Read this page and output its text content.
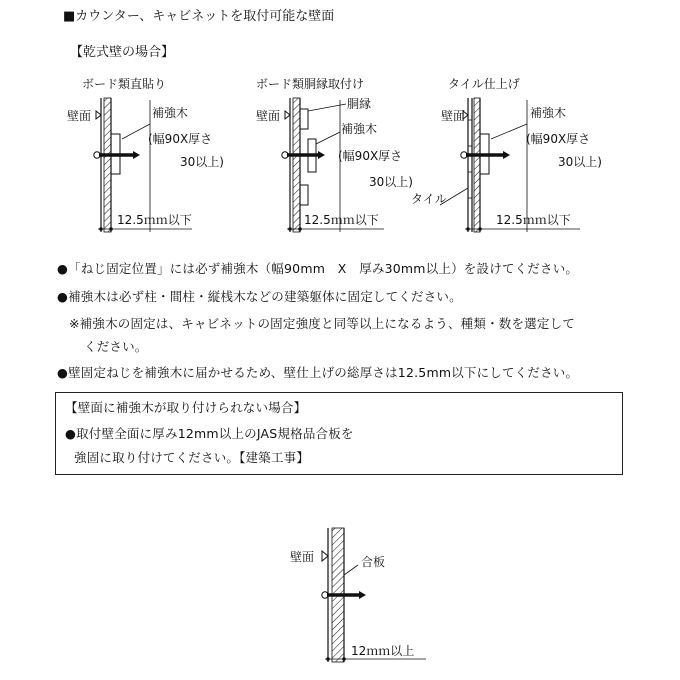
■カウンター、キャビネットを取付可能な壁面
【乾式壁の場合】
ボード類直貼り	ボード類胴縁取付け	タイル仕上げ
壁面	補強木
(幅90X厚さ
30以上)
12.5ｍｍ以下
壁面
胴縁
補強木
(幅90X厚さ
30以上)
12.5ｍｍ以下
壁面	補強木
(幅90X厚さ
30以上)
タイル
12.5ｍｍ以下
●「ねじ固定位置」には必ず補強木（幅90mm　X　厚み30mm以上）を設けてください。
●補強木は必ず柱・間柱・縦桟木などの建築躯体に固定してください。
※補強木の固定は、キャビネットの固定強度と同等以上になるよう、種類・数を選定して
ください。
●壁固定ねじを補強木に届かせるため、壁仕上げの総厚さは12.5mm以下にしてください。
【壁面に補強木が取り付けられない場合】
●取付壁全面に厚み12mm以上のJAS規格品合板を
強固に取り付けてください。【建築工事】
壁面	合板
12ｍｍ以上
